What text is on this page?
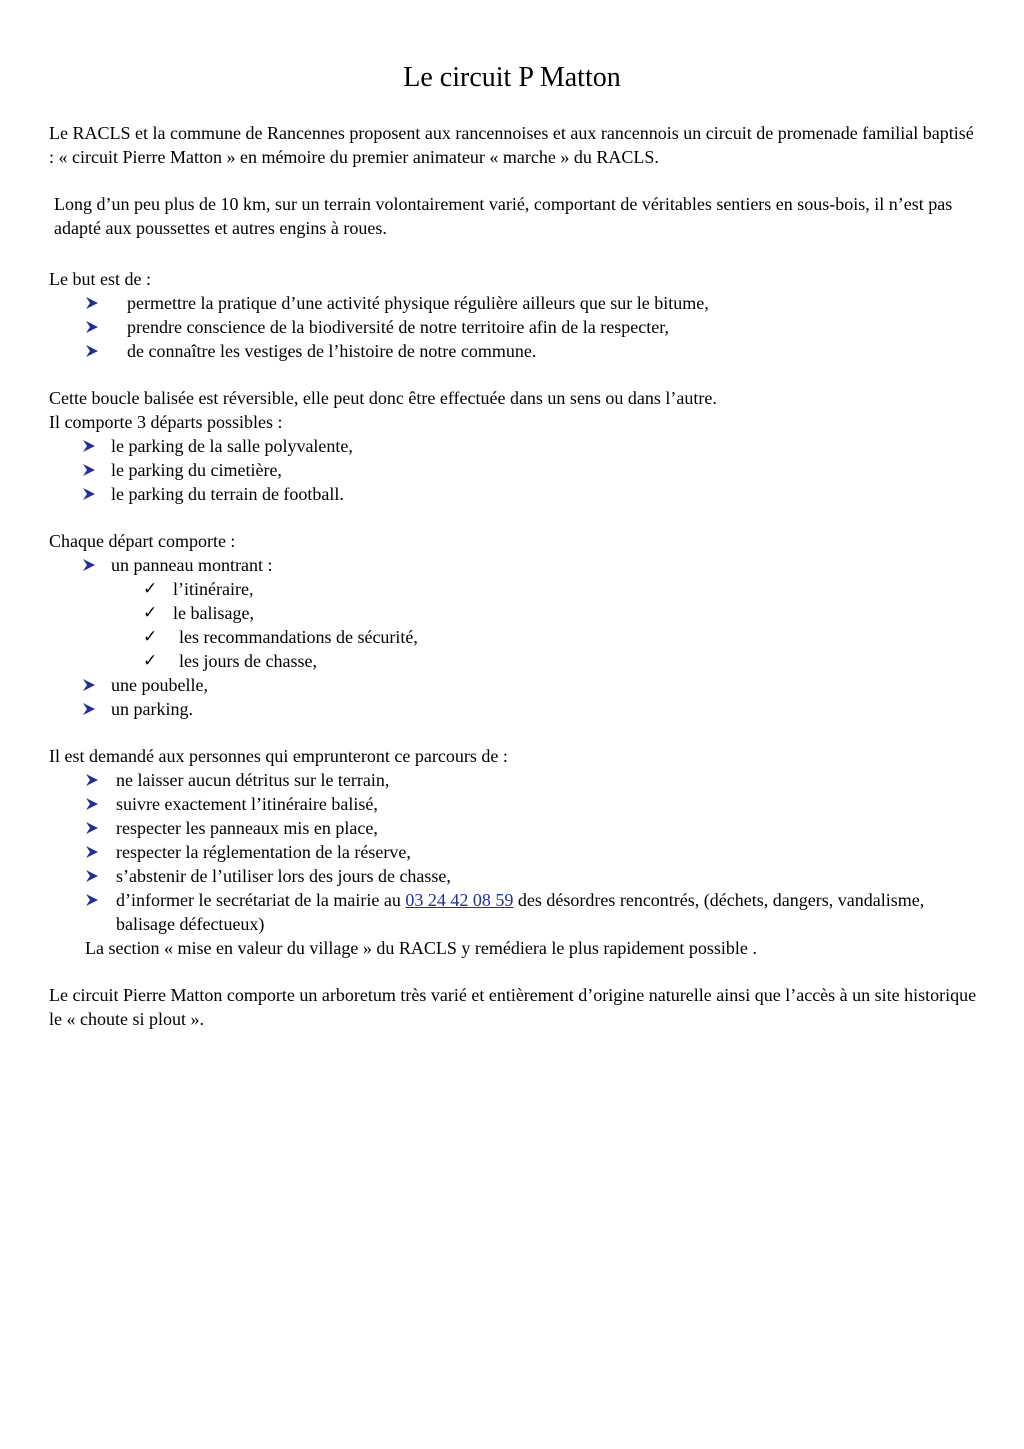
Le circuit P Matton

Le RACLS et la commune de Rancennes proposent aux rancennoises et aux rancennois un circuit de promenade familial baptisé : « circuit Pierre Matton » en mémoire du premier animateur « marche » du RACLS.

Long d’un peu plus de 10 km, sur un terrain volontairement varié, comportant de véritables sentiers en sous-bois, il n’est pas adapté aux poussettes et autres engins à roues.

Le but est de :

permettre la pratique d’une activité physique régulière ailleurs que sur le bitume,
prendre conscience de la biodiversité de notre territoire afin de la respecter,
de connaître les vestiges de l’histoire de notre commune.

Cette boucle balisée est réversible, elle peut donc être effectuée dans un sens ou dans l’autre.

Il comporte 3 départs possibles :

le parking de la salle polyvalente,
le parking du cimetière,
le parking du terrain de football.

Chaque départ comporte :

un panneau montrant :
✓ l’itinéraire,
✓ le balisage,
✓ les recommandations de sécurité,
✓ les jours de chasse,
une poubelle,
un parking.

Il est demandé aux personnes qui emprunteront ce parcours de :

ne laisser aucun détritus sur le terrain,
suivre exactement l’itinéraire balisé,
respecter les panneaux mis en place,
respecter la réglementation de la réserve,
s’abstenir de l’utiliser lors des jours de chasse,
d’informer le secrétariat de la mairie au 03 24 42 08 59 des désordres rencontrés, (déchets, dangers, vandalisme, balisage défectueux)

La section « mise en valeur du village » du RACLS y remédiera le plus rapidement possible .

Le circuit Pierre Matton comporte un arboretum très varié et entièrement d’origine naturelle ainsi que l’accès à un site historique le « choute si plout ».
